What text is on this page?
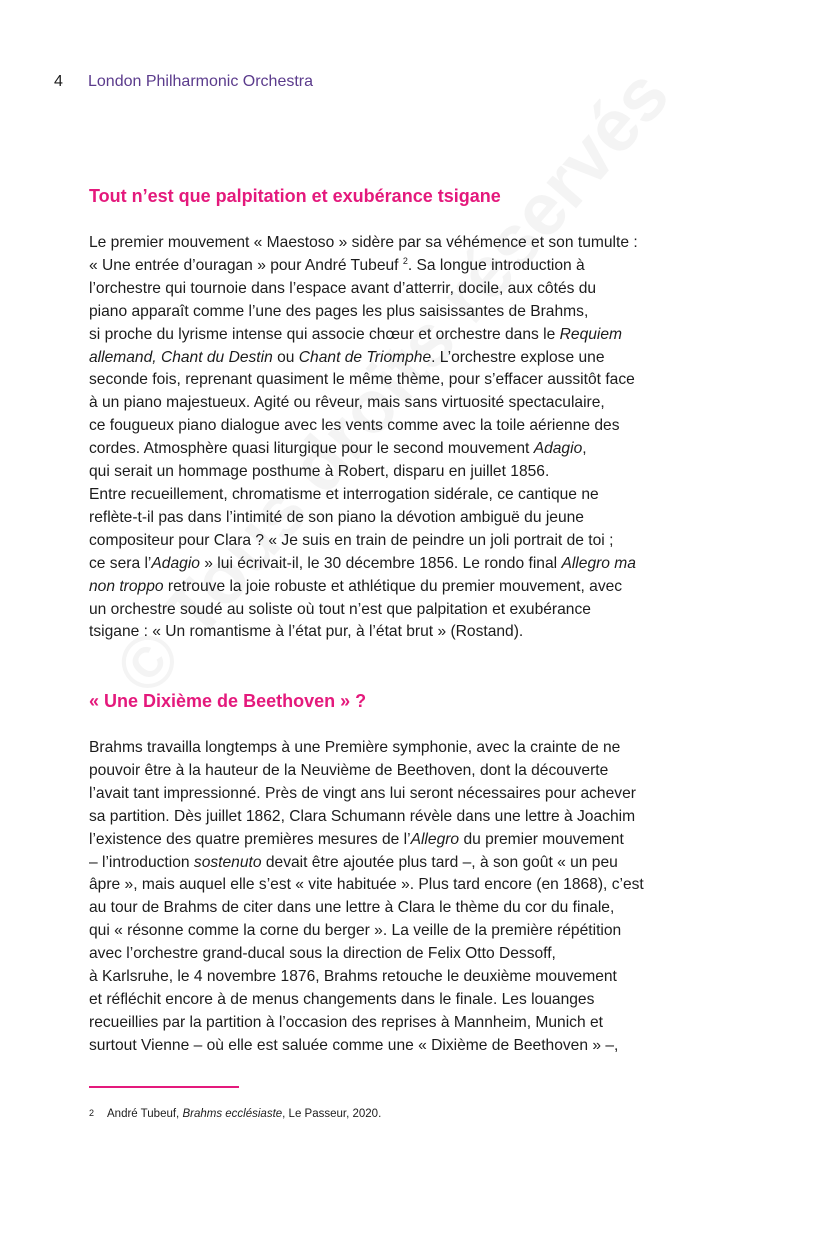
4 London Philharmonic Orchestra
Tout n’est que palpitation et exubérance tsigane
Le premier mouvement « Maestoso » sidère par sa véhémence et son tumulte :
« Une entrée d’ouragan » pour André Tubeuf $^2$. Sa longue introduction à
l’orchestre qui tournoie dans l’espace avant d’atterrir, docile, aux côtés du
piano apparaît comme l’une des pages les plus saisissantes de Brahms,
si proche du lyrisme intense qui associe chœur et orchestre dans le Requiem
allemand, Chant du Destin ou Chant de Triomphe. L’orchestre explose une
seconde fois, reprenant quasiment le même thème, pour s’effacer aussitôt face
à un piano majestueux. Agité ou rêveur, mais sans virtuosité spectaculaire,
ce fougueux piano dialogue avec les vents comme avec la toile aérienne des
cordes. Atmosphère quasi liturgique pour le second mouvement Adagio,
qui serait un hommage posthume à Robert, disparu en juillet 1856.
Entre recueillement, chromatisme et interrogation sidérale, ce cantique ne
reflète-t-il pas dans l’intimité de son piano la dévotion ambiguë du jeune
compositeur pour Clara ? « Je suis en train de peindre un joli portrait de toi ;
ce sera l’Adagio » lui écrivait-il, le 30 décembre 1856. Le rondo final Allegro ma
non troppo retrouve la joie robuste et athlétique du premier mouvement, avec
un orchestre soudé au soliste où tout n’est que palpitation et exubérance
tsigane : « Un romantisme à l’état pur, à l’état brut » (Rostand).
« Une Dixième de Beethoven » ?
Brahms travailla longtemps à une Première symphonie, avec la crainte de ne
pouvoir être à la hauteur de la Neuvième de Beethoven, dont la découverte
l’avait tant impressionné. Près de vingt ans lui seront nécessaires pour achever
sa partition. Dès juillet 1862, Clara Schumann révèle dans une lettre à Joachim
l’existence des quatre premières mesures de l’Allegro du premier mouvement
– l’introduction sostenuto devait être ajoutée plus tard –, à son goût « un peu
âpre », mais auquel elle s’est « vite habituée ». Plus tard encore (en 1868), c’est
au tour de Brahms de citer dans une lettre à Clara le thème du cor du finale,
qui « résonne comme la corne du berger ». La veille de la première répétition
avec l’orchestre grand-ducal sous la direction de Felix Otto Dessoff,
à Karlsruhe, le 4 novembre 1876, Brahms retouche le deuxième mouvement
et réfléchit encore à de menus changements dans le finale. Les louanges
recueillies par la partition à l’occasion des reprises à Mannheim, Munich et
surtout Vienne – où elle est saluée comme une « Dixième de Beethoven » –,
2 André Tubeuf, Brahms ecclésiaste, Le Passeur, 2020.
